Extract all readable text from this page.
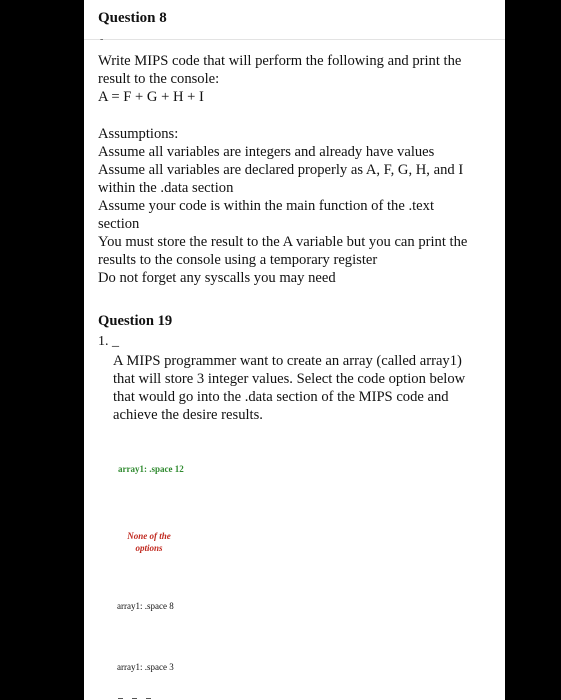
Question 8
-
Write MIPS code that will perform the following and print the
result to the console:
A = F + G + H + I
Assumptions:
Assume all variables are integers and already have values
Assume all variables are declared properly as A, F, G, H, and I
within the .data section
Assume your code is within the main function of the .text
section
You must store the result to the A variable but you can print the
results to the console using a temporary register
Do not forget any syscalls you may need
Question 19
1. _
A MIPS programmer want to create an array (called array1)
that will store 3 integer values. Select the code option below
that would go into the .data section of the MIPS code and
achieve the desire results.
array1: .space 12
None of the
options
array1: .space 8
array1: .space 3
